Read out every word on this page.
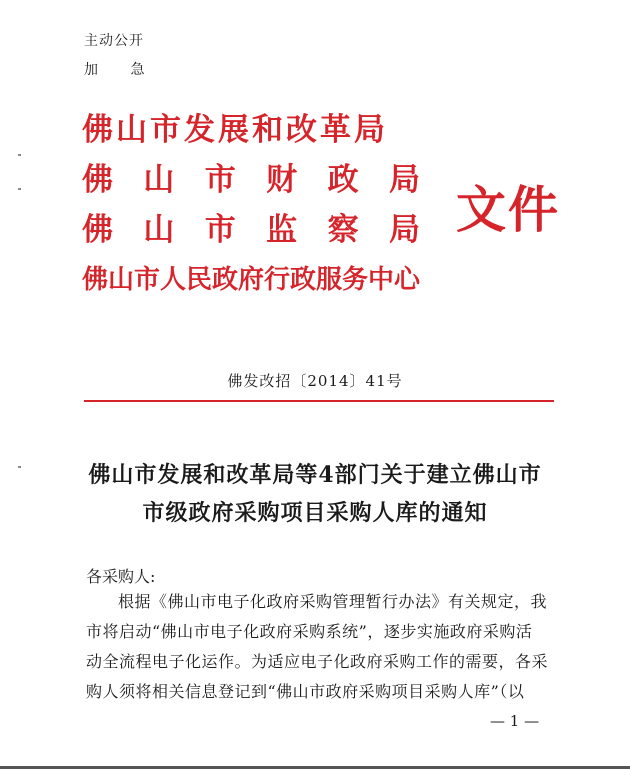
主动公开
加 急
佛山市发展和改革局
佛 山 市 财 政 局
佛 山 市 监 察 局
佛山市人民政府行政服务中心
文件
佛发改招〔2014〕41号
佛山市发展和改革局等4部门关于建立佛山市
市级政府采购项目采购人库的通知
各采购人:
根据《佛山市电子化政府采购管理暂行办法》有关规定，我
市将启动“佛山市电子化政府采购系统”，逐步实施政府采购活
动全流程电子化运作。为适应电子化政府采购工作的需要，各采
购人须将相关信息登记到“佛山市政府采购项目采购人库”（以
— 1 —
